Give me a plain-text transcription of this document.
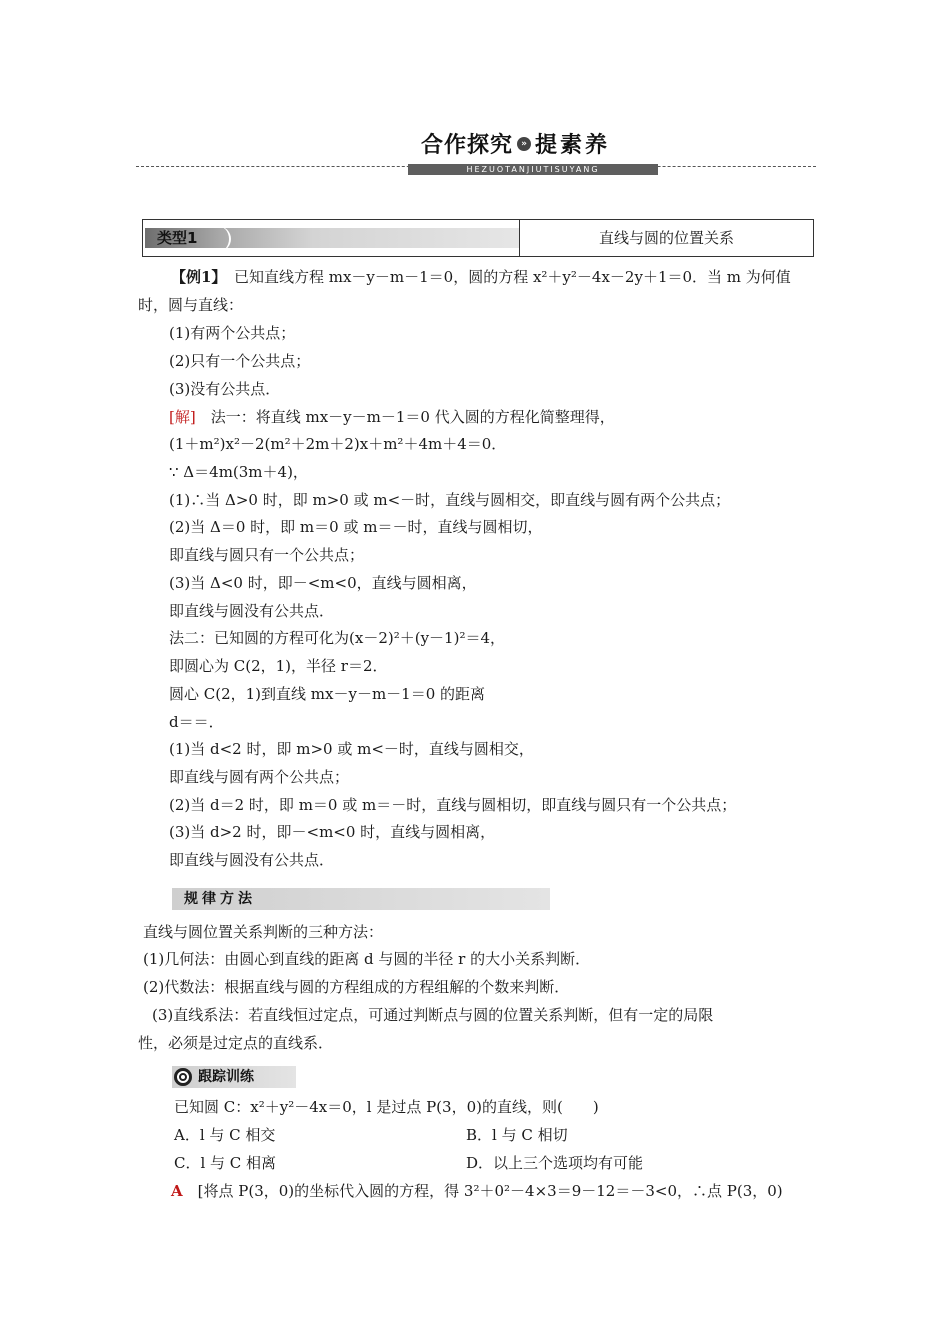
合作探究 » 提素养
HEZUOTANJIUTISUYANG
类型1	直线与圆的位置关系
【例1】　 已知直线方程 mx－y－m－1＝0，圆的方程 x²＋y²－4x－2y＋1＝0．当 m 为何值
时，圆与直线：
(1)有两个公共点；
(2)只有一个公共点；
(3)没有公共点．
[解]　 法一：将直线 mx－y－m－1＝0 代入圆的方程化简整理得，
(1＋m²)x²－2(m²＋2m＋2)x＋m²＋4m＋4＝0．
∵ Δ＝4m(3m＋4)，
(1)∴当 Δ>0 时，即 m>0 或 m<－时，直线与圆相交，即直线与圆有两个公共点；
(2)当 Δ＝0 时，即 m＝0 或 m＝－时，直线与圆相切，
即直线与圆只有一个公共点；
(3)当 Δ<0 时，即－<m<0，直线与圆相离，
即直线与圆没有公共点．
法二：已知圆的方程可化为(x－2)²＋(y－1)²＝4，
即圆心为 C(2，1)，半径 r＝2．
圆心 C(2，1)到直线 mx－y－m－1＝0 的距离
d＝＝．
(1)当 d<2 时，即 m>0 或 m<－时，直线与圆相交，
即直线与圆有两个公共点；
(2)当 d＝2 时，即 m＝0 或 m＝－时，直线与圆相切，即直线与圆只有一个公共点；
(3)当 d>2 时，即－<m<0 时，直线与圆相离，
即直线与圆没有公共点．
规律方法
直线与圆位置关系判断的三种方法：
(1)几何法：由圆心到直线的距离 d 与圆的半径 r 的大小关系判断．
(2)代数法：根据直线与圆的方程组成的方程组解的个数来判断．
(3)直线系法：若直线恒过定点，可通过判断点与圆的位置关系判断，但有一定的局限
性，必须是过定点的直线系．
跟踪训练
已知圆 C：x²＋y²－4x＝0，l 是过点 P(3，0)的直线，则(　　)
A．l 与 C 相交	B．l 与 C 相切
C．l 与 C 相离	D．以上三个选项均有可能
A　 [将点 P(3，0)的坐标代入圆的方程，得 3²＋0²－4×3＝9－12＝－3<0，∴点 P(3，0)
